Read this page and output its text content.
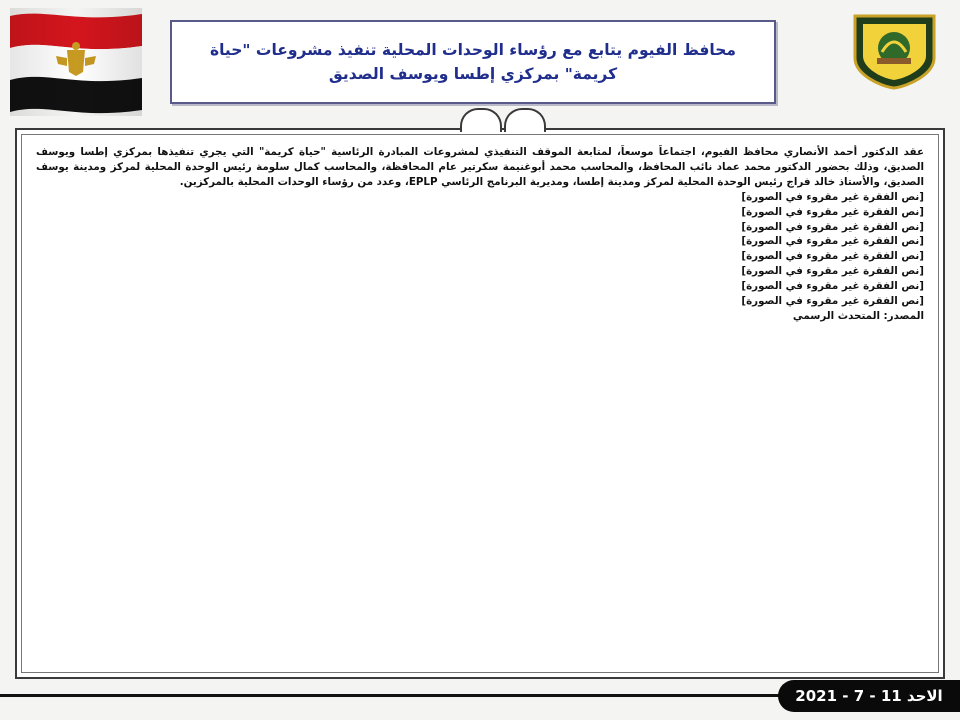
محافظ الفيوم يتابع مع رؤساء الوحدات المحلية تنفيذ مشروعات "حياة كريمة" بمركزي إطسا ويوسف الصديق

عقد الدكتور أحمد الأنصاري محافظ الفيوم، اجتماعاً موسعاً، لمتابعة الموقف التنفيذي لمشروعات المبادرة الرئاسية "حياة كريمة" التي يجري تنفيذها بمركزي إطسا ويوسف الصديق، وذلك بحضور الدكتور محمد عماد نائب المحافظ، والمحاسب محمد أبوغنيمة سكرتير عام المحافظة، والمحاسب كمال سلومة رئيس الوحدة المحلية لمركز ومدينة يوسف الصديق، والأستاذ خالد فراج رئيس الوحدة المحلية لمركز ومدينة إطسا، ومديرية البرنامج الرئاسي EPLP، وعدد من رؤساء الوحدات المحلية بالمركزين.

[نص الفقرة غير مقروء في الصورة]

[نص الفقرة غير مقروء في الصورة]

[نص الفقرة غير مقروء في الصورة]

[نص الفقرة غير مقروء في الصورة]

[نص الفقرة غير مقروء في الصورة]

[نص الفقرة غير مقروء في الصورة]

[نص الفقرة غير مقروء في الصورة]

[نص الفقرة غير مقروء في الصورة]

المصدر: المتحدث الرسمي

الاحد 11 - 7 - 2021
